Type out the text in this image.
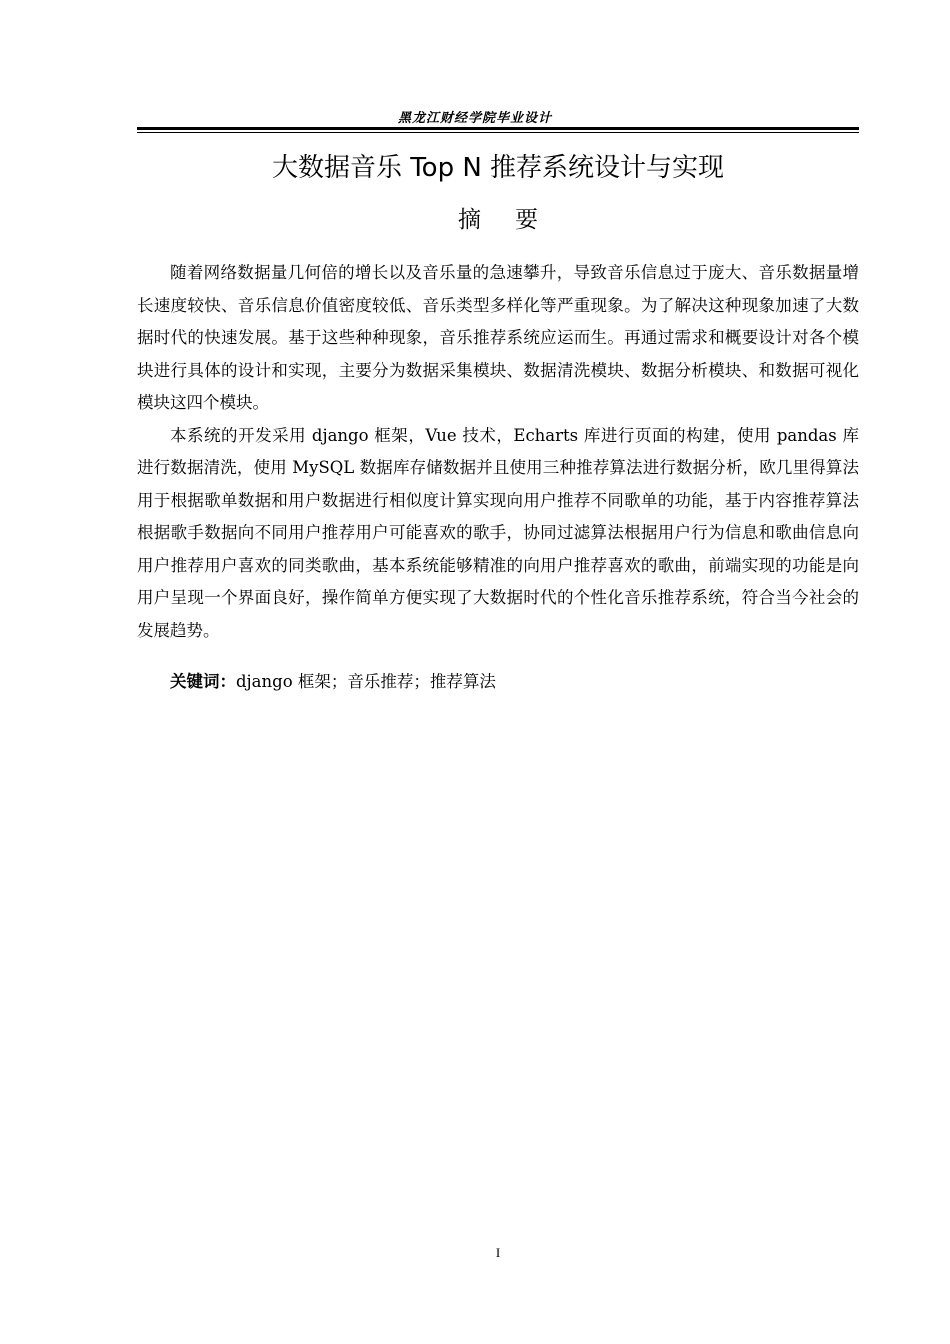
黑龙江财经学院毕业设计
大数据音乐 Top N 推荐系统设计与实现
摘要

随着网络数据量几何倍的增长以及音乐量的急速攀升，导致音乐信息过于庞大、音乐数据量增长速度较快、音乐信息价值密度较低、音乐类型多样化等严重现象。为了解决这种现象加速了大数据时代的快速发展。基于这些种种现象，音乐推荐系统应运而生。再通过需求和概要设计对各个模块进行具体的设计和实现，主要分为数据采集模块、数据清洗模块、数据分析模块、和数据可视化模块这四个模块。

本系统的开发采用 django 框架，Vue 技术，Echarts 库进行页面的构建，使用 pandas 库进行数据清洗，使用 MySQL 数据库存储数据并且使用三种推荐算法进行数据分析，欧几里得算法用于根据歌单数据和用户数据进行相似度计算实现向用户推荐不同歌单的功能，基于内容推荐算法根据歌手数据向不同用户推荐用户可能喜欢的歌手，协同过滤算法根据用户行为信息和歌曲信息向用户推荐用户喜欢的同类歌曲，基本系统能够精准的向用户推荐喜欢的歌曲，前端实现的功能是向用户呈现一个界面良好，操作简单方便实现了大数据时代的个性化音乐推荐系统，符合当今社会的发展趋势。

关键词：django 框架；音乐推荐；推荐算法
I
